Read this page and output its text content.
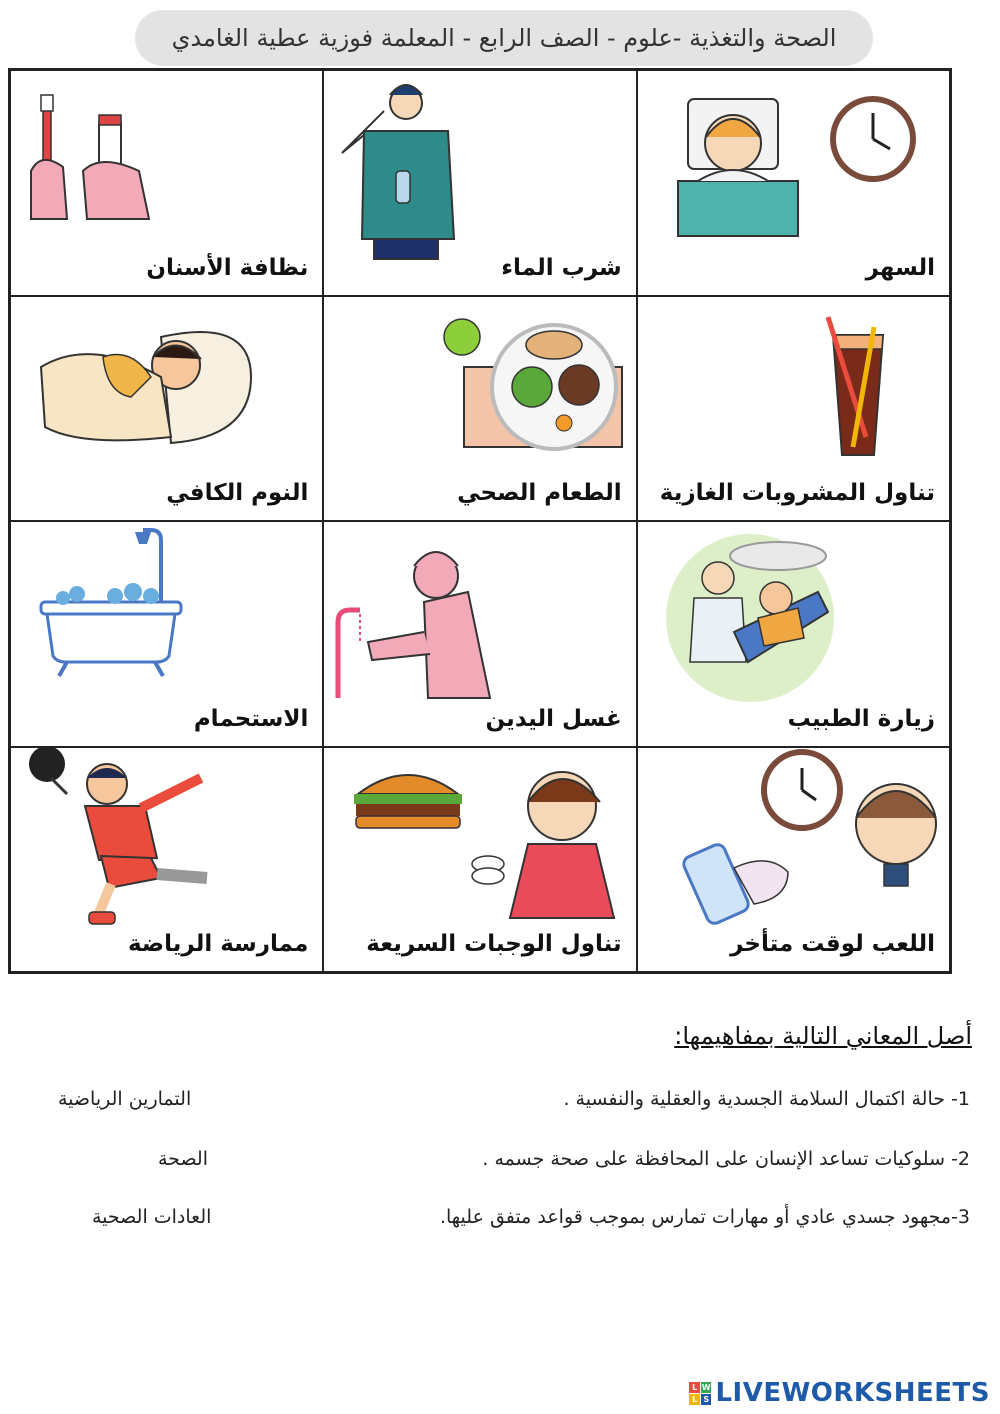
الصحة والتغذية -علوم - الصف الرابع - المعلمة فوزية عطية الغامدي
السهر
شرب الماء
نظافة الأسنان
تناول المشروبات الغازية
الطعام الصحي
النوم الكافي
زيارة الطبيب
غسل اليدين
الاستحمام
اللعب لوقت متأخر
تناول الوجبات السريعة
ممارسة الرياضة
أصل المعاني التالية بمفاهيمها:
1- حالة اكتمال السلامة الجسدية والعقلية والنفسية .
2- سلوكيات تساعد الإنسان على المحافظة على صحة جسمه .
3-مجهود جسدي عادي أو مهارات تمارس بموجب قواعد متفق عليها.
التمارين الرياضية
الصحة
العادات الصحية
L W
L S LIVEWORKSHEETS
